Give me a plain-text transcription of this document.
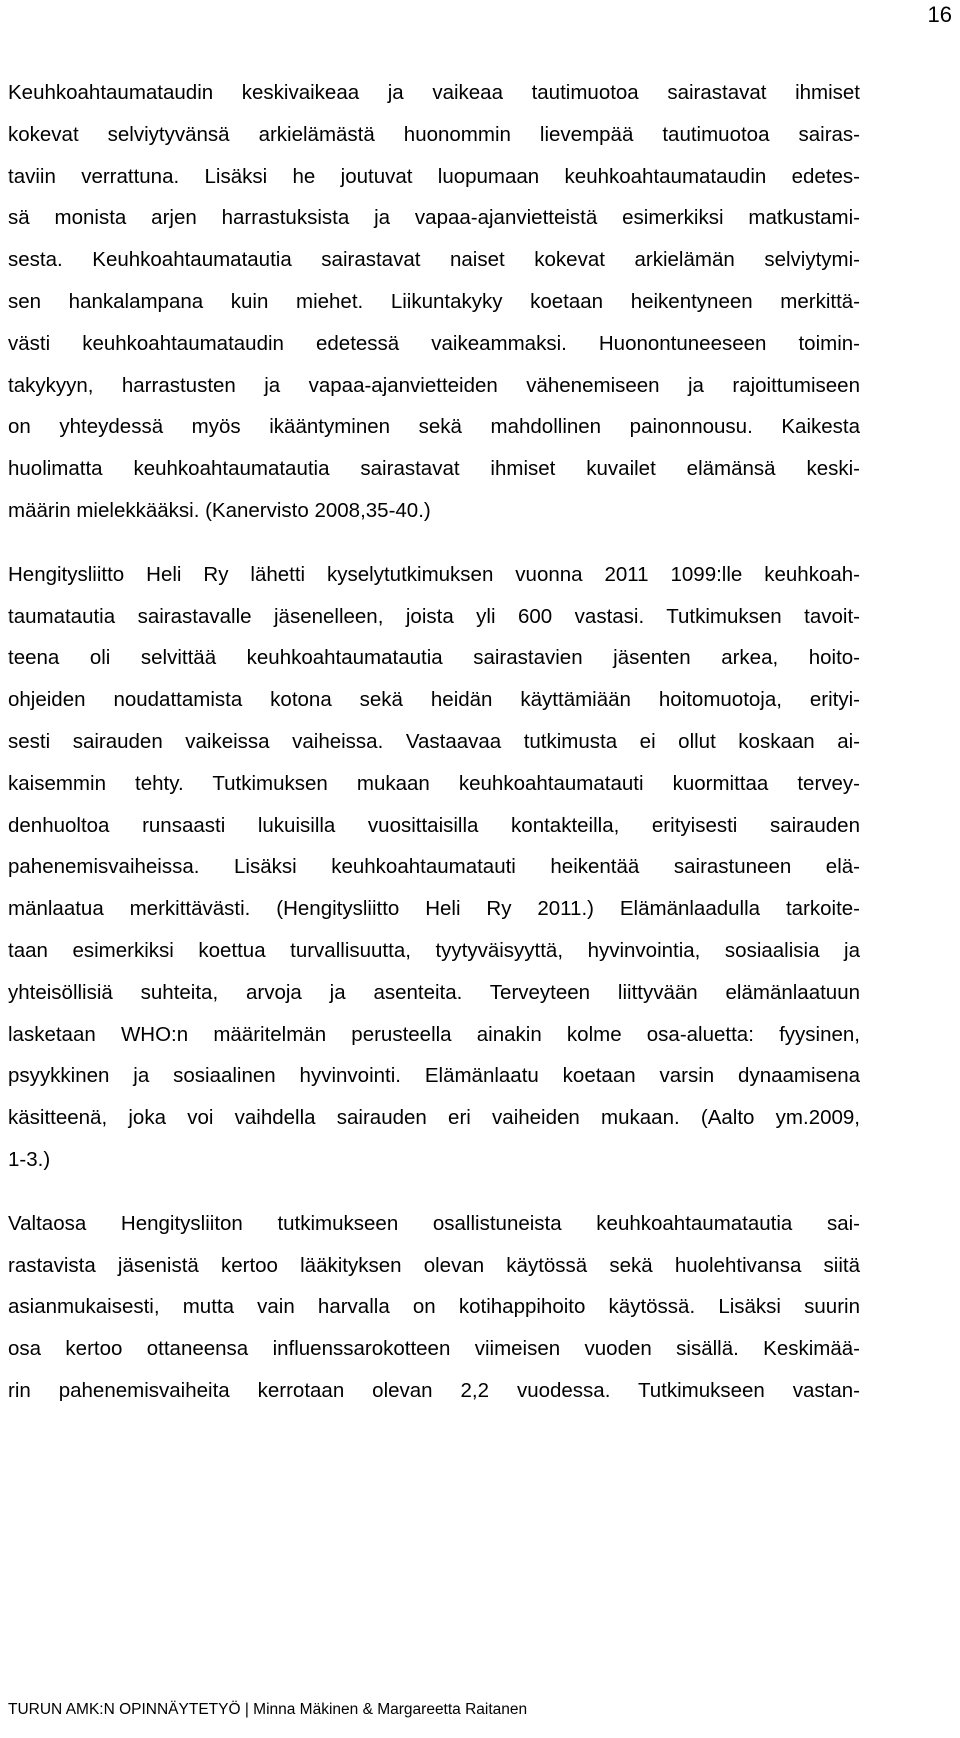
16

Keuhkoahtaumataudin keskivaikeaa ja vaikeaa tautimuotoa sairastavat ihmiset
kokevat selviytyvänsä arkielämästä huonommin lievempää tautimuotoa sairas-
taviin verrattuna. Lisäksi he joutuvat luopumaan keuhkoahtaumataudin edetes-
sä monista arjen harrastuksista ja vapaa-ajanvietteistä esimerkiksi matkustami-
sesta. Keuhkoahtaumatautia sairastavat naiset kokevat arkielämän selviytymi-
sen hankalampana kuin miehet. Liikuntakyky koetaan heikentyneen merkittä-
västi keuhkoahtaumataudin edetessä vaikeammaksi. Huonontuneeseen toimin-
takykyyn, harrastusten ja vapaa-ajanvietteiden vähenemiseen ja rajoittumiseen
on yhteydessä myös ikääntyminen sekä mahdollinen painonnousu. Kaikesta
huolimatta keuhkoahtaumatautia sairastavat ihmiset kuvailet elämänsä keski-
määrin mielekkääksi. (Kanervisto 2008,35-40.)

Hengitysliitto Heli Ry lähetti kyselytutkimuksen vuonna 2011 1099:lle keuhkoah-
taumatautia sairastavalle jäsenelleen, joista yli 600 vastasi. Tutkimuksen tavoit-
teena oli selvittää keuhkoahtaumatautia sairastavien jäsenten arkea, hoito-
ohjeiden noudattamista kotona sekä heidän käyttämiään hoitomuotoja, erityi-
sesti sairauden vaikeissa vaiheissa. Vastaavaa tutkimusta ei ollut koskaan ai-
kaisemmin tehty. Tutkimuksen mukaan keuhkoahtaumatauti kuormittaa tervey-
denhuoltoa runsaasti lukuisilla vuosittaisilla kontakteilla, erityisesti sairauden
pahenemisvaiheissa. Lisäksi keuhkoahtaumatauti heikentää sairastuneen elä-
mänlaatua merkittävästi. (Hengitysliitto Heli Ry 2011.) Elämänlaadulla tarkoite-
taan esimerkiksi koettua turvallisuutta, tyytyväisyyttä, hyvinvointia, sosiaalisia ja
yhteisöllisiä suhteita, arvoja ja asenteita. Terveyteen liittyvään elämänlaatuun
lasketaan WHO:n määritelmän perusteella ainakin kolme osa-aluetta: fyysinen,
psyykkinen ja sosiaalinen hyvinvointi. Elämänlaatu koetaan varsin dynaamisena
käsitteenä, joka voi vaihdella sairauden eri vaiheiden mukaan. (Aalto ym.2009,
1-3.)

Valtaosa Hengitysliiton tutkimukseen osallistuneista keuhkoahtaumatautia sai-
rastavista jäsenistä kertoo lääkityksen olevan käytössä sekä huolehtivansa siitä
asianmukaisesti, mutta vain harvalla on kotihappihoito käytössä. Lisäksi suurin
osa kertoo ottaneensa influenssarokotteen viimeisen vuoden sisällä. Keskimää-
rin pahenemisvaiheita kerrotaan olevan 2,2 vuodessa. Tutkimukseen vastan-

TURUN AMK:N OPINNÄYTETYÖ | Minna Mäkinen & Margareetta Raitanen
